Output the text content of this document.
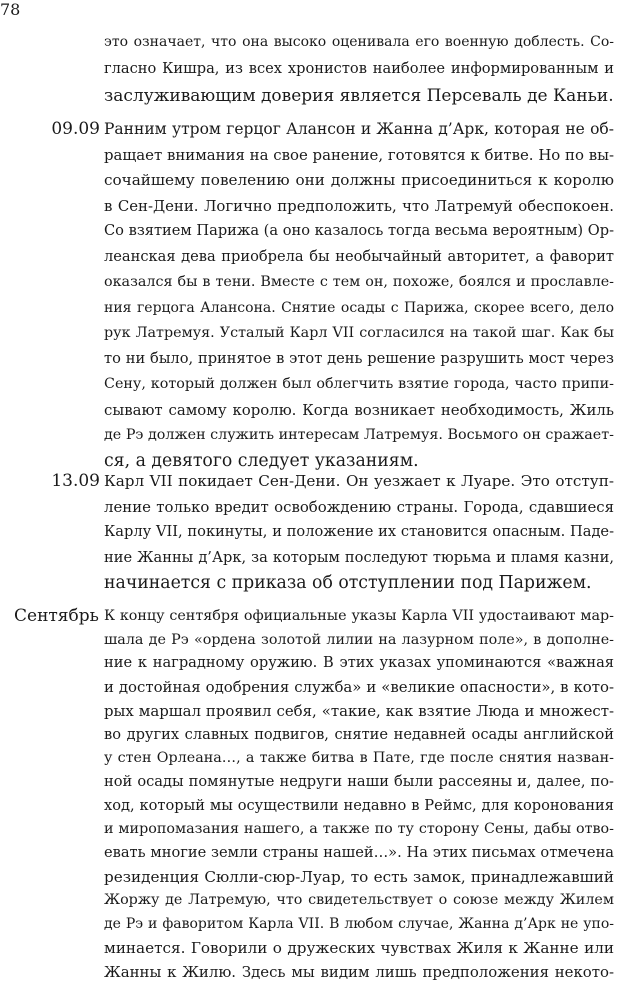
78
это означает, что она высоко оценивала его военную доблесть. Со-
гласно Кишра, из всех хронистов наиболее информированным и
заслуживающим доверия является Персеваль де Каньи.
09.09 Ранним утром герцог Алансон и Жанна д’Арк, которая не об-
ращает внимания на свое ранение, готовятся к битве. Но по вы-
сочайшему повелению они должны присоединиться к королю
в Сен-Дени. Логично предположить, что Латремуй обеспокоен.
Со взятием Парижа (а оно казалось тогда весьма вероятным) Ор-
леанская дева приобрела бы необычайный авторитет, а фаворит
оказался бы в тени. Вместе с тем он, похоже, боялся и прославле-
ния герцога Алансона. Снятие осады с Парижа, скорее всего, дело
рук Латремуя. Усталый Карл VII согласился на такой шаг. Как бы
то ни было, принятое в этот день решение разрушить мост через
Сену, который должен был облегчить взятие города, часто припи-
сывают самому королю. Когда возникает необходимость, Жиль
де Рэ должен служить интересам Латремуя. Восьмого он сражает-
ся, а девятого следует указаниям.
13.09 Карл VII покидает Сен-Дени. Он уезжает к Луаре. Это отступ-
ление только вредит освобождению страны. Города, сдавшиеся
Карлу VII, покинуты, и положение их становится опасным. Паде-
ние Жанны д’Арк, за которым последуют тюрьма и пламя казни,
начинается с приказа об отступлении под Парижем.
Сентябрь К концу сентября официальные указы Карла VII удостаивают мар-
шала де Рэ «ордена золотой лилии на лазурном поле», в дополне-
ние к наградному оружию. В этих указах упоминаются «важная
и достойная одобрения служба» и «великие опасности», в кото-
рых маршал проявил себя, «такие, как взятие Люда и множест-
во других славных подвигов, снятие недавней осады английской
у стен Орлеана…, а также битва в Пате, где после снятия назван-
ной осады помянутые недруги наши были рассеяны и, далее, по-
ход, который мы осуществили недавно в Реймс, для коронования
и миропомазания нашего, а также по ту сторону Сены, дабы отво-
евать многие земли страны нашей…». На этих письмах отмечена
резиденция Сюлли-сюр-Луар, то есть замок, принадлежавший
Жоржу де Латремую, что свидетельствует о союзе между Жилем
де Рэ и фаворитом Карла VII. В любом случае, Жанна д’Арк не упо-
минается. Говорили о дружеских чувствах Жиля к Жанне или
Жанны к Жилю. Здесь мы видим лишь предположения некото-
